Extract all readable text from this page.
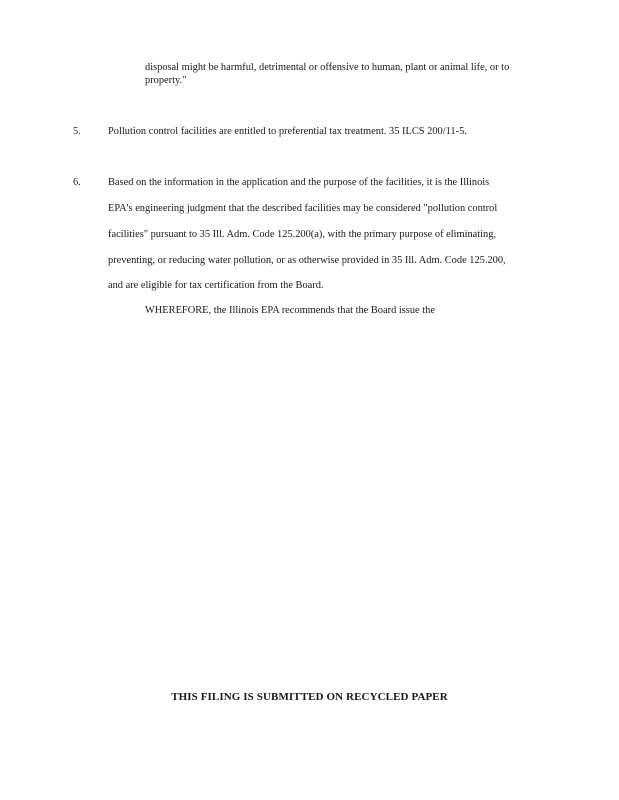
disposal might be harmful, detrimental or offensive to human, plant or animal life, or to
property."
5.	Pollution control facilities are entitled to preferential tax treatment. 35 ILCS 200/11-5.
6.	Based on the information in the application and the purpose of the facilities, it is the Illinois
EPA's engineering judgment that the described facilities may be considered "pollution control
facilities" pursuant to 35 Ill. Adm. Code 125.200(a), with the primary purpose of eliminating,
preventing, or reducing water pollution, or as otherwise provided in 35 Ill. Adm. Code 125.200,
and are eligible for tax certification from the Board.
WHEREFORE, the Illinois EPA recommends that the Board issue the
THIS FILING IS SUBMITTED ON RECYCLED PAPER
